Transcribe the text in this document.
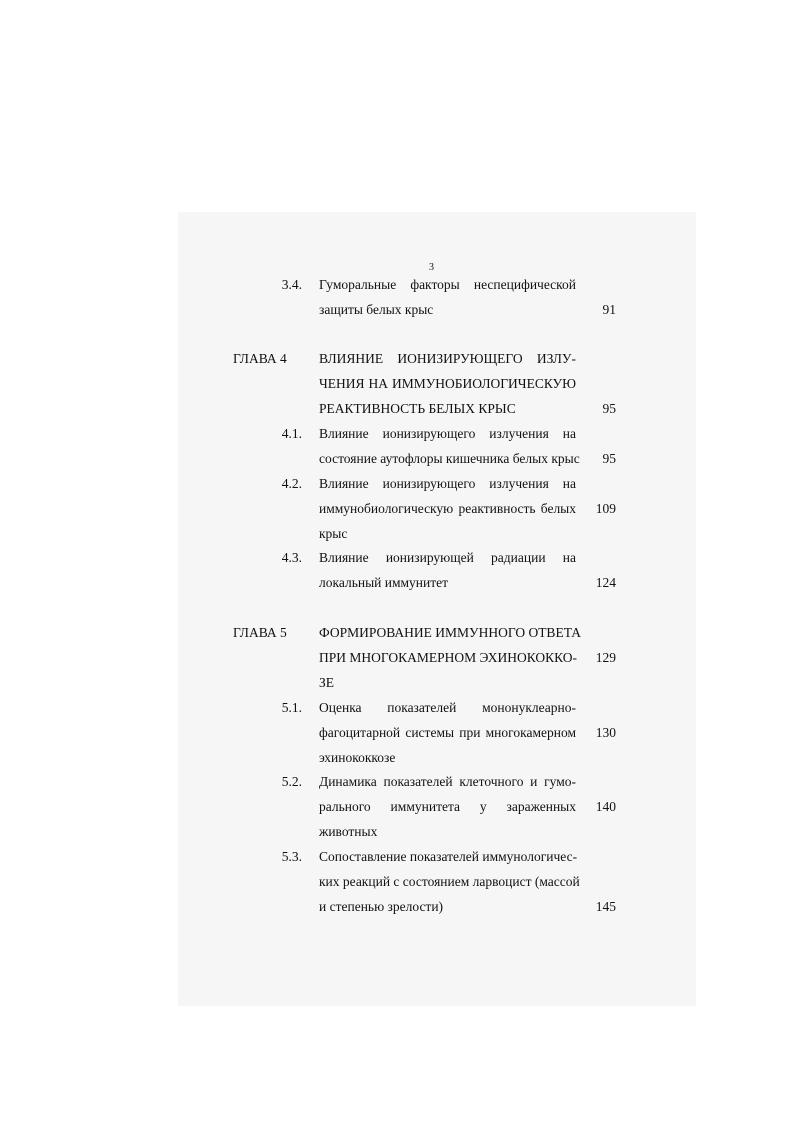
3
3.4. Гуморальные факторы неспецифической
защиты белых крыс	91
ГЛАВА 4 ВЛИЯНИЕ ИОНИЗИРУЮЩЕГО ИЗЛУ-
ЧЕНИЯ НА ИММУНОБИОЛОГИЧЕСКУЮ
РЕАКТИВНОСТЬ БЕЛЫХ КРЫС	95
4.1. Влияние ионизирующего излучения на
состояние аутофлоры кишечника белых крыс	95
4.2. Влияние ионизирующего излучения на
иммунобиологическую реактивность белых 109
крыс
4.3. Влияние ионизирующей радиации на
локальный иммунитет	124
ГЛАВА 5 ФОРМИРОВАНИЕ ИММУННОГО ОТВЕТА
ПРИ МНОГОКАМЕРНОМ ЭХИНОКОККО- 129
ЗЕ
5.1. Оценка показателей мононуклеарно-
фагоцитарной системы при многокамерном 130
эхинококкозе
5.2. Динамика показателей клеточного и гумо-
рального иммунитета у зараженных 140
животных
5.3. Сопоставление показателей иммунологичес-
ких реакций с состоянием ларвоцист (массой
и степенью зрелости)	145
